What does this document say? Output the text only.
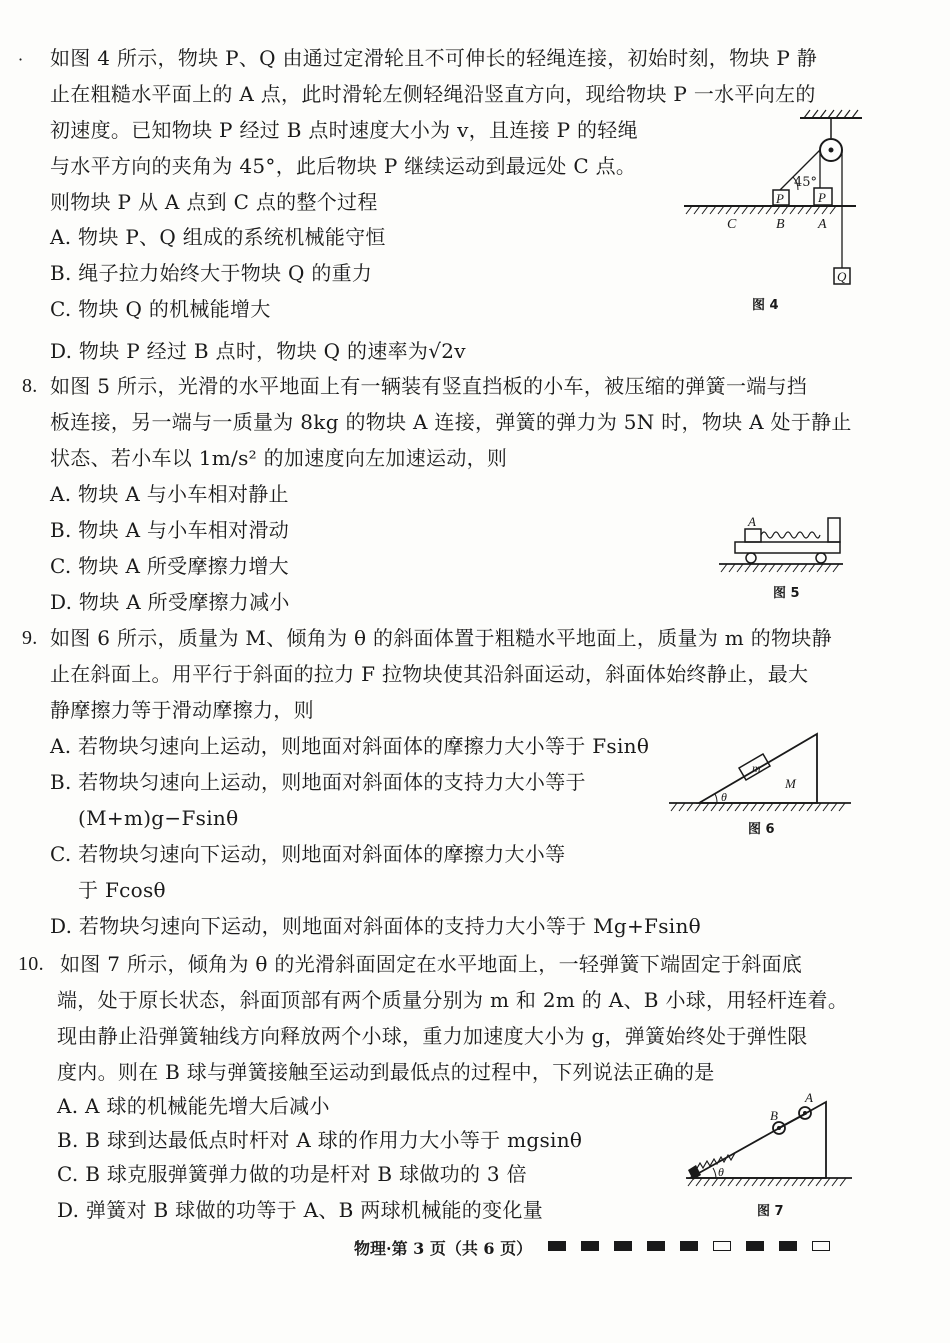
· 如图 4 所示，物块 P、Q 由通过定滑轮且不可伸长的轻绳连接，初始时刻，物块 P 静
止在粗糙水平面上的 A 点，此时滑轮左侧轻绳沿竖直方向，现给物块 P 一水平向左的
初速度。已知物块 P 经过 B 点时速度大小为 v，且连接 P 的轻绳
与水平方向的夹角为 45°，此后物块 P 继续运动到最远处 C 点。
则物块 P 从 A 点到 C 点的整个过程
A. 物块 P、Q 组成的系统机械能守恒
B. 绳子拉力始终大于物块 Q 的重力
C. 物块 Q 的机械能增大
D. 物块 P 经过 B 点时，物块 Q 的速率为√2v
45°
P	P
C	B A
Q
图 4
8. 如图 5 所示，光滑的水平地面上有一辆装有竖直挡板的小车，被压缩的弹簧一端与挡
板连接，另一端与一质量为 8kg 的物块 A 连接，弹簧的弹力为 5N 时，物块 A 处于静止
状态、若小车以 1m/s² 的加速度向左加速运动，则
A. 物块 A 与小车相对静止
B. 物块 A 与小车相对滑动
C. 物块 A 所受摩擦力增大
D. 物块 A 所受摩擦力减小
A
图 5
9. 如图 6 所示，质量为 M、倾角为 θ 的斜面体置于粗糙水平地面上，质量为 m 的物块静
止在斜面上。用平行于斜面的拉力 F 拉物块使其沿斜面运动，斜面体始终静止，最大
静摩擦力等于滑动摩擦力，则
A. 若物块匀速向上运动，则地面对斜面体的摩擦力大小等于 Fsinθ
B. 若物块匀速向上运动，则地面对斜面体的支持力大小等于
(M+m)g−Fsinθ
C. 若物块匀速向下运动，则地面对斜面体的摩擦力大小等
于 Fcosθ
D. 若物块匀速向下运动，则地面对斜面体的支持力大小等于 Mg+Fsinθ
m
M
θ
图 6
10. 如图 7 所示，倾角为 θ 的光滑斜面固定在水平地面上，一轻弹簧下端固定于斜面底
端，处于原长状态，斜面顶部有两个质量分别为 m 和 2m 的 A、B 小球，用轻杆连着。
现由静止沿弹簧轴线方向释放两个小球，重力加速度大小为 g，弹簧始终处于弹性限
度内。则在 B 球与弹簧接触至运动到最低点的过程中，下列说法正确的是
A. A 球的机械能先增大后减小
B. B 球到达最低点时杆对 A 球的作用力大小等于 mgsinθ
C. B 球克服弹簧弹力做的功是杆对 B 球做功的 3 倍
D. 弹簧对 B 球做的功等于 A、B 两球机械能的变化量
B
A
θ
图 7
物理·第 3 页（共 6 页）
